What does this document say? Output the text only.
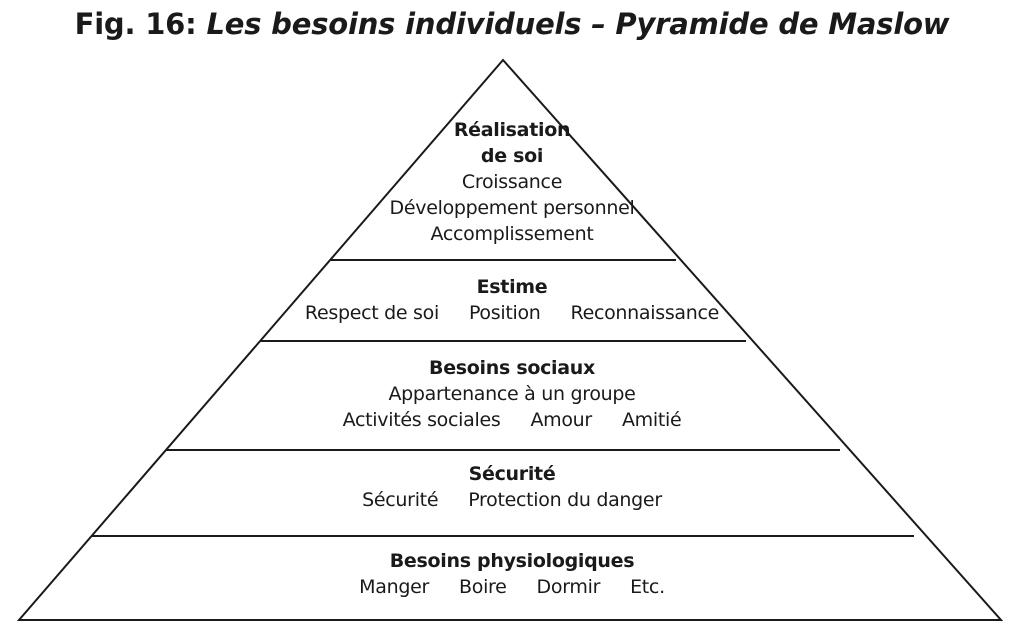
Fig. 16: Les besoins individuels – Pyramide de Maslow
Réalisation
de soi
Croissance
Développement personnel
Accomplissement
Estime
Respect de soi Position Reconnaissance
Besoins sociaux
Appartenance à un groupe
Activités sociales Amour Amitié
Sécurité
Sécurité Protection du danger
Besoins physiologiques
Manger Boire Dormir Etc.
